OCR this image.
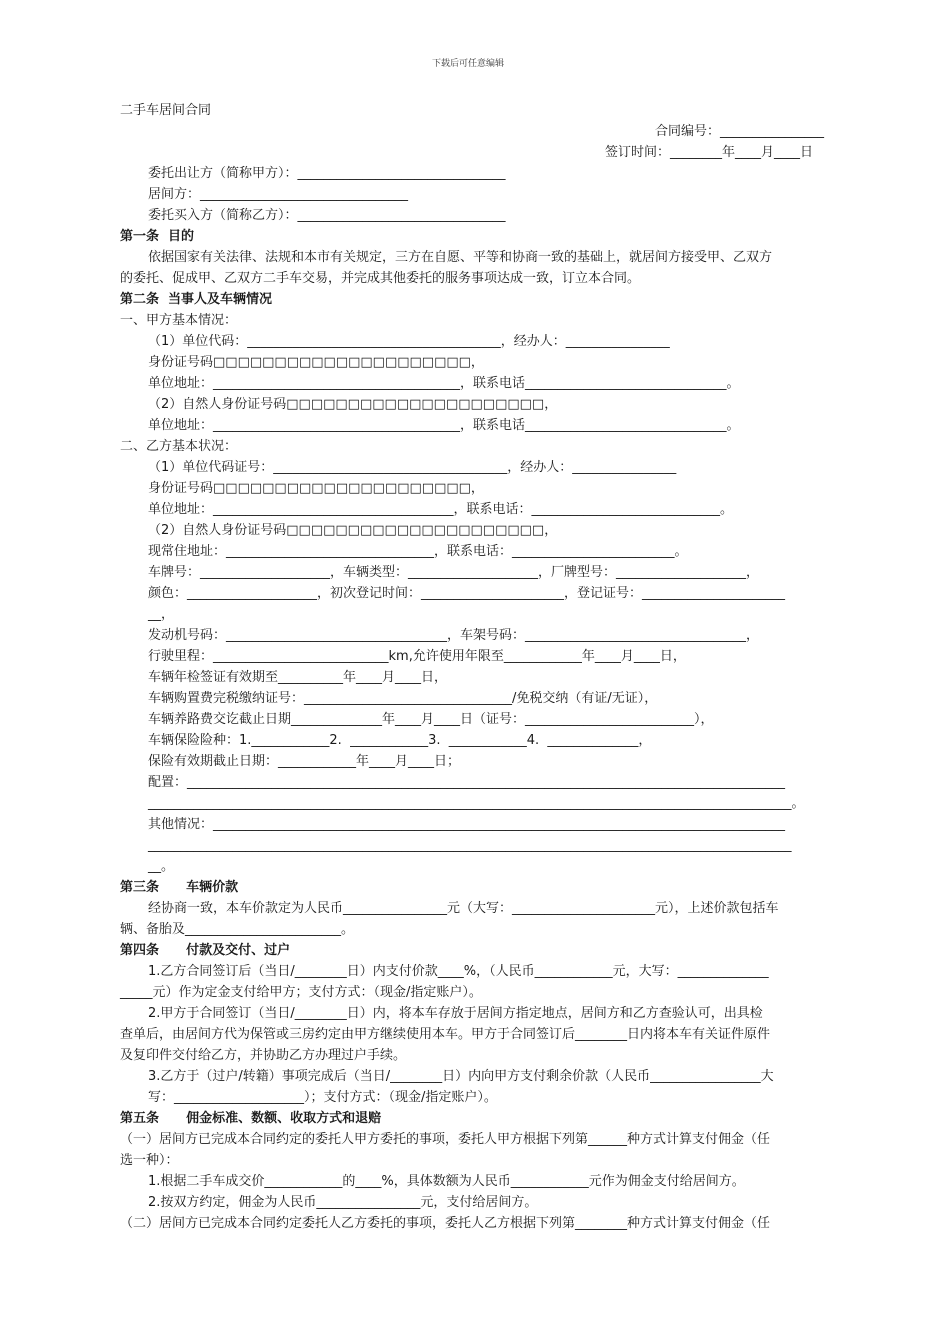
下载后可任意编辑
二手车居间合同
合同编号：________________
签订时间：________年____月____日
委托出让方（简称甲方）：________________________________
居间方：________________________________
委托买入方（简称乙方）：________________________________
第一条  目的
依据国家有关法律、法规和本市有关规定，三方在自愿、平等和协商一致的基础上，就居间方接受甲、乙双方
的委托、促成甲、乙双方二手车交易，并完成其他委托的服务事项达成一致，订立本合同。
第二条  当事人及车辆情况
一、甲方基本情况：
（1）单位代码：_______________________________________，经办人：________________
身份证号码□□□□□□□□□□□□□□□□□□□□□，
单位地址：______________________________________，联系电话_______________________________。
（2）自然人身份证号码□□□□□□□□□□□□□□□□□□□□□，
单位地址：______________________________________，联系电话_______________________________。
二、乙方基本状况：
（1）单位代码证号：____________________________________，经办人：________________
身份证号码□□□□□□□□□□□□□□□□□□□□□，
单位地址：_____________________________________，联系电话：_____________________________。
（2）自然人身份证号码□□□□□□□□□□□□□□□□□□□□□，
现常住地址：________________________________，联系电话：_________________________。
车牌号：____________________，车辆类型：____________________，厂牌型号：____________________，
颜色：____________________，初次登记时间：______________________，登记证号：______________________
__，
发动机号码：__________________________________，车架号码：__________________________________，
行驶里程：___________________________km,允许使用年限至____________年____月____日，
车辆年检签证有效期至__________年____月____日，
车辆购置费完税缴纳证号：________________________________/免税交纳（有证/无证），
车辆养路费交讫截止日期______________年____月____日（证号：__________________________），
车辆保险险种：1.____________2.  ____________3.  ____________4.  ______________，
保险有效期截止日期：____________年____月____日；
配置：____________________________________________________________________________________________
___________________________________________________________________________________________________。
其他情况：________________________________________________________________________________________
___________________________________________________________________________________________________
__。
第三条      车辆价款
经协商一致，本车价款定为人民币________________元（大写：______________________元），上述价款包括车
辆、备胎及________________________。
第四条      付款及交付、过户
1.乙方合同签订后（当日/________日）内支付价款____%，（人民币____________元，大写：______________
_____元）作为定金支付给甲方；支付方式：（现金/指定账户）。
2.甲方于合同签订（当日/________日）内，将本车存放于居间方指定地点，居间方和乙方查验认可，出具检
查单后，由居间方代为保管或三房约定由甲方继续使用本车。甲方于合同签订后________日内将本车有关证件原件
及复印件交付给乙方，并协助乙方办理过户手续。
3.乙方于（过户/转籍）事项完成后（当日/________日）内向甲方支付剩余价款（人民币_________________大
写：____________________）；支付方式：（现金/指定账户）。
第五条      佣金标准、数额、收取方式和退赔
（一）居间方已完成本合同约定的委托人甲方委托的事项，委托人甲方根据下列第______种方式计算支付佣金（任
选一种）：
1.根据二手车成交价____________的____%，具体数额为人民币____________元作为佣金支付给居间方。
2.按双方约定，佣金为人民币________________元，支付给居间方。
（二）居间方已完成本合同约定委托人乙方委托的事项，委托人乙方根据下列第________种方式计算支付佣金（任
